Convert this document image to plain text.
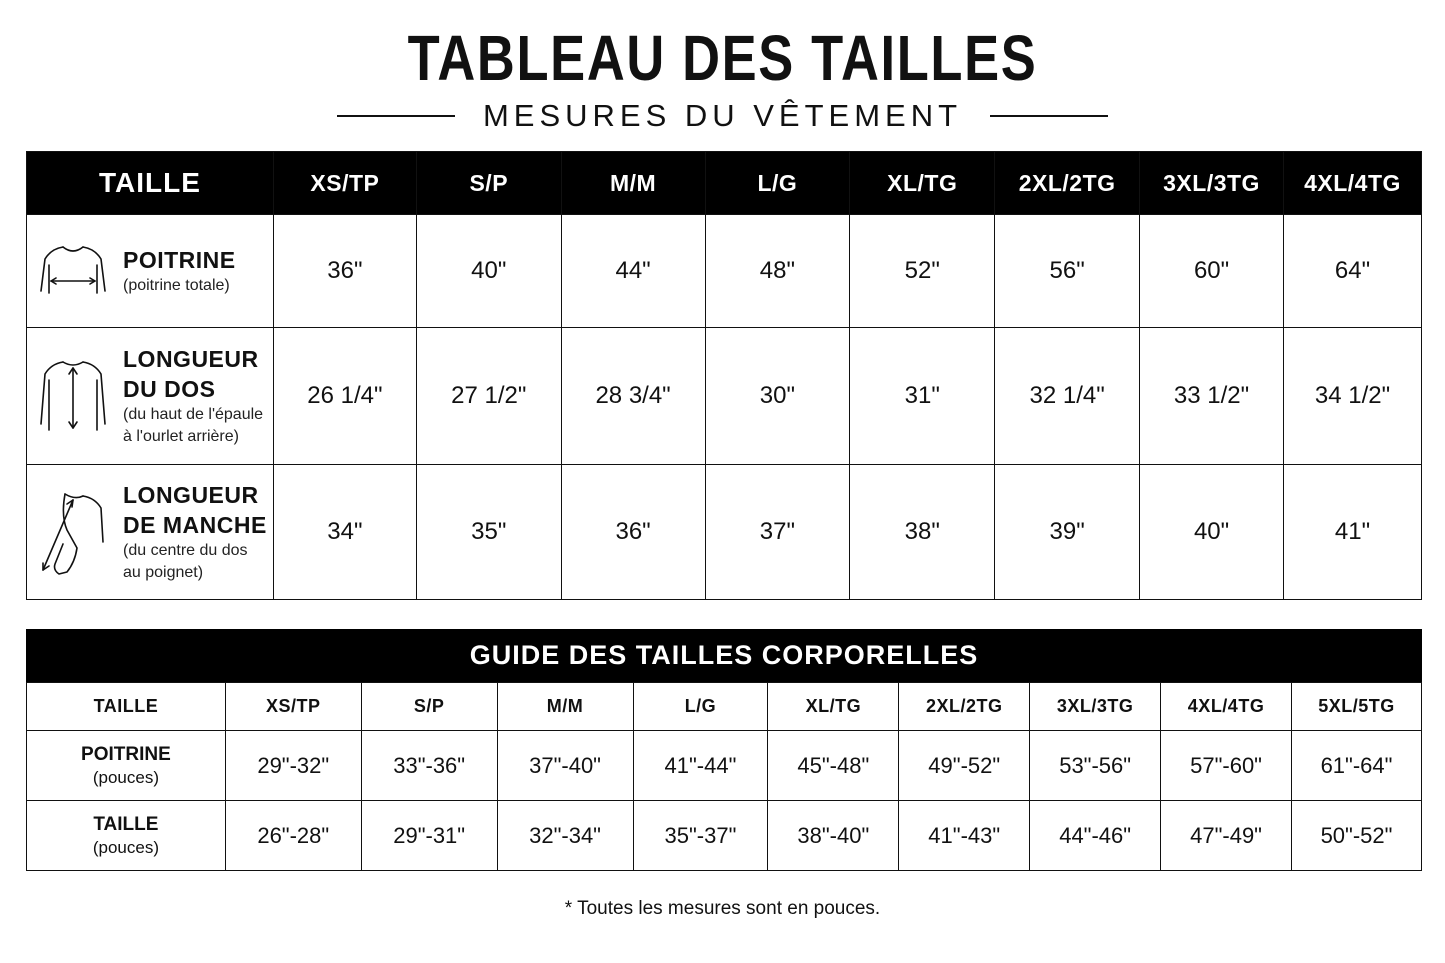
TABLEAU DES TAILLES
MESURES DU VÊTEMENT
TAILLE	XS/TP	S/P	M/M	L/G	XL/TG	2XL/2TG	3XL/3TG	4XL/4TG

POITRINE
(poitrine totale)	36"	40"	44"	48"	52"	56"	60"	64"

LONGUEUR
DU DOS
(du haut de l'épaule
à l'ourlet arrière)	26 1/4"	27 1/2"	28 3/4"	30"	31"	32 1/4"	33 1/2"	34 1/2"

LONGUEUR
DE MANCHE
(du centre du dos
au poignet)	34"	35"	36"	37"	38"	39"	40"	41"
GUIDE DES TAILLES CORPORELLES
TAILLE	XS/TP	S/P	M/M	L/G	XL/TG	2XL/2TG	3XL/3TG	4XL/4TG	5XL/5TG

POITRINE
(pouces)	29"-32"	33"-36"	37"-40"	41"-44"	45"-48"	49"-52"	53"-56"	57"-60"	61"-64"

TAILLE
(pouces)	26"-28"	29"-31"	32"-34"	35"-37"	38"-40"	41"-43"	44"-46"	47"-49"	50"-52"
* Toutes les mesures sont en pouces.
